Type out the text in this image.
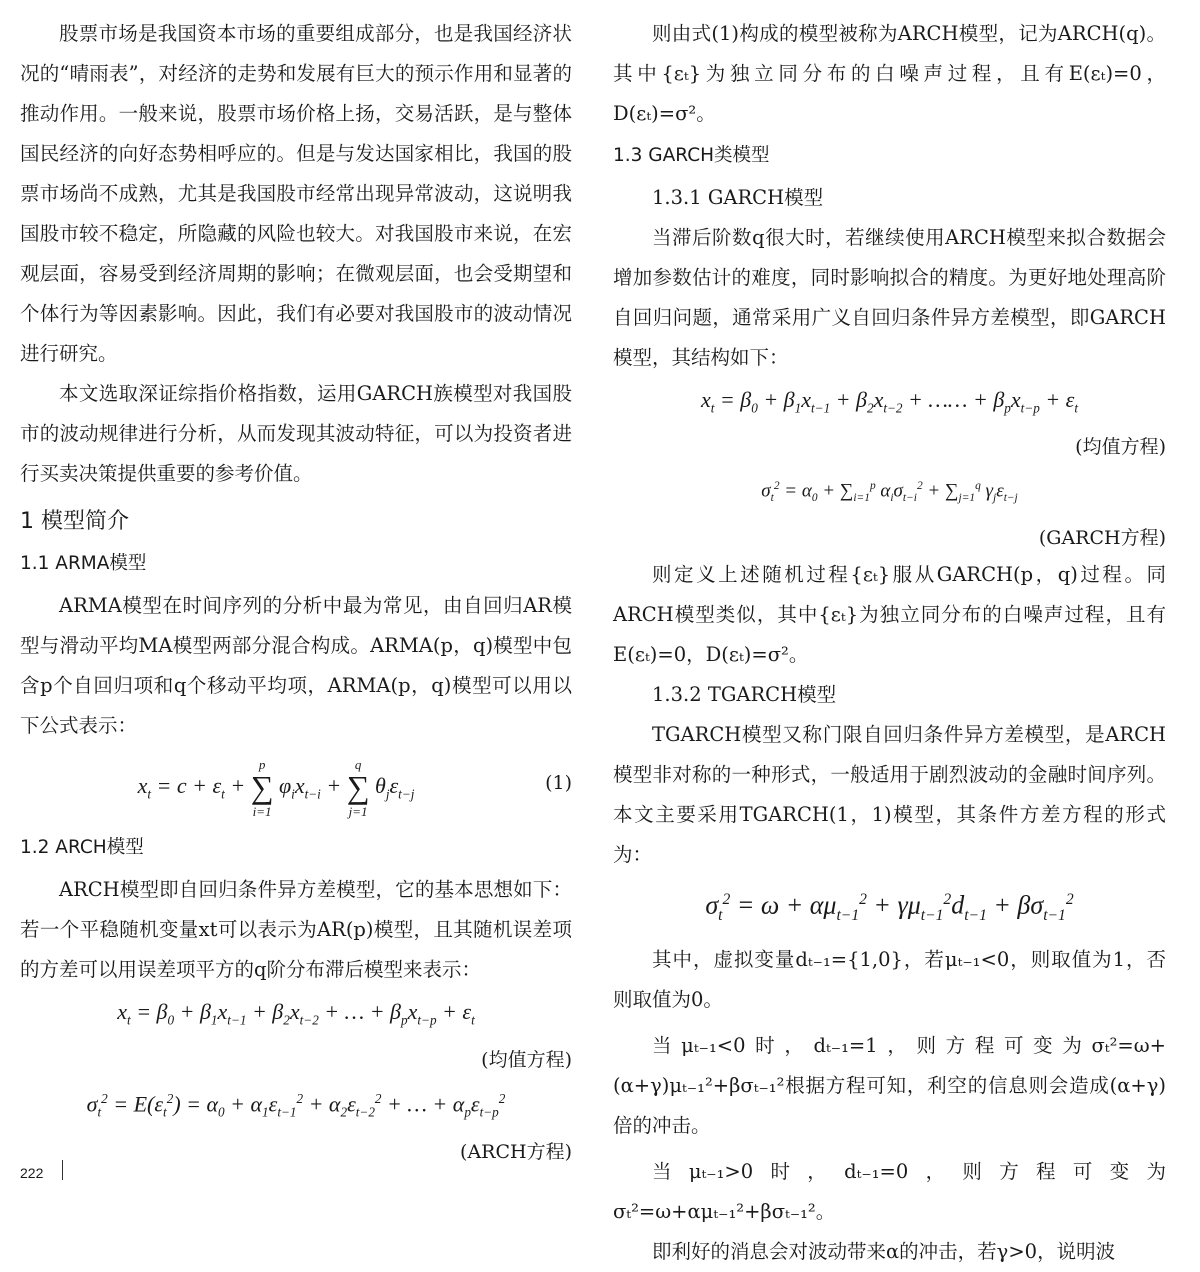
股票市场是我国资本市场的重要组成部分，也是我国经济状况的“晴雨表”，对经济的走势和发展有巨大的预示作用和显著的推动作用。一般来说，股票市场价格上扬，交易活跃，是与整体国民经济的向好态势相呼应的。但是与发达国家相比，我国的股票市场尚不成熟，尤其是我国股市经常出现异常波动，这说明我国股市较不稳定，所隐藏的风险也较大。对我国股市来说，在宏观层面，容易受到经济周期的影响；在微观层面，也会受期望和个体行为等因素影响。因此，我们有必要对我国股市的波动情况进行研究。

本文选取深证综指价格指数，运用GARCH族模型对我国股市的波动规律进行分析，从而发现其波动特征，可以为投资者进行买卖决策提供重要的参考价值。

1 模型简介
1.1 ARMA模型

ARMA模型在时间序列的分析中最为常见，由自回归AR模型与滑动平均MA模型两部分混合构成。ARMA(p，q)模型中包含p个自回归项和q个移动平均项，ARMA(p，q)模型可以用以下公式表示：

$x_t = c + \varepsilon_t$ +
p
∑
i=1
$\varphi_ix_{t-i}$ +
q
∑
j=1
$\theta_j\varepsilon_{t-j}$	(1)
1.2 ARCH模型

ARCH模型即自回归条件异方差模型，它的基本思想如下：若一个平稳随机变量xt可以表示为AR(p)模型，且其随机误差项的方差可以用误差项平方的q阶分布滞后模型来表示：

$x_t = \beta_0 + \beta_1x_{t-1} + \beta_2x_{t-2}$ + … + $\beta_px_{t-p} + \varepsilon_t$
(均值方程)
$\sigma_t^2 = E(\varepsilon_t^2) = \alpha_0 + \alpha_1\varepsilon_{t-1}^2 + \alpha_2\varepsilon_{t-2}^2$ + … + $\alpha_p\varepsilon_{t-p}^2$
(ARCH方程)

则由式(1)构成的模型被称为ARCH模型，记为ARCH(q)。其中{εₜ}为独立同分布的白噪声过程，且有E(εₜ)=0，D(εₜ)=σ²。

1.3 GARCH类模型

1.3.1 GARCH模型

当滞后阶数q很大时，若继续使用ARCH模型来拟合数据会增加参数估计的难度，同时影响拟合的精度。为更好地处理高阶自回归问题，通常采用广义自回归条件异方差模型，即GARCH模型，其结构如下：

$x_t = \beta_0 + \beta_1x_{t-1} + \beta_2x_{t-2}$ + …… + $\beta_px_{t-p} + \varepsilon_t$
(均值方程)
$\sigma_t^2 = \alpha_0 + \sum_{i=1}^p$ $\alpha_i\sigma_{t-i}^2 + \sum_{j=1}^q$ $\gamma_j\varepsilon_{t-j}$
(GARCH方程)

则定义上述随机过程{εₜ}服从GARCH(p，q)过程。同ARCH模型类似，其中{εₜ}为独立同分布的白噪声过程，且有E(εₜ)=0，D(εₜ)=σ²。

1.3.2 TGARCH模型

TGARCH模型又称门限自回归条件异方差模型，是ARCH模型非对称的一种形式，一般适用于剧烈波动的金融时间序列。本文主要采用TGARCH(1，1)模型，其条件方差方程的形式为：

$\sigma_t^2 = \omega + \alpha\mu_{t-1}^2 + \gamma\mu_{t-1}^2d_{t-1} + \beta\sigma_{t-1}^2$

其中，虚拟变量dₜ₋₁={1,0}，若μₜ₋₁<0，则取值为1，否则取值为0。

当μₜ₋₁<0时，dₜ₋₁=1，则方程可变为σₜ²=ω+(α+γ)μₜ₋₁²+βσₜ₋₁²根据方程可知，利空的信息则会造成(α+γ)倍的冲击。

当μₜ₋₁>0时，dₜ₋₁=0，则方程可变为σₜ²=ω+αμₜ₋₁²+βσₜ₋₁²。

即利好的消息会对波动带来α的冲击，若γ>0，说明波

222
